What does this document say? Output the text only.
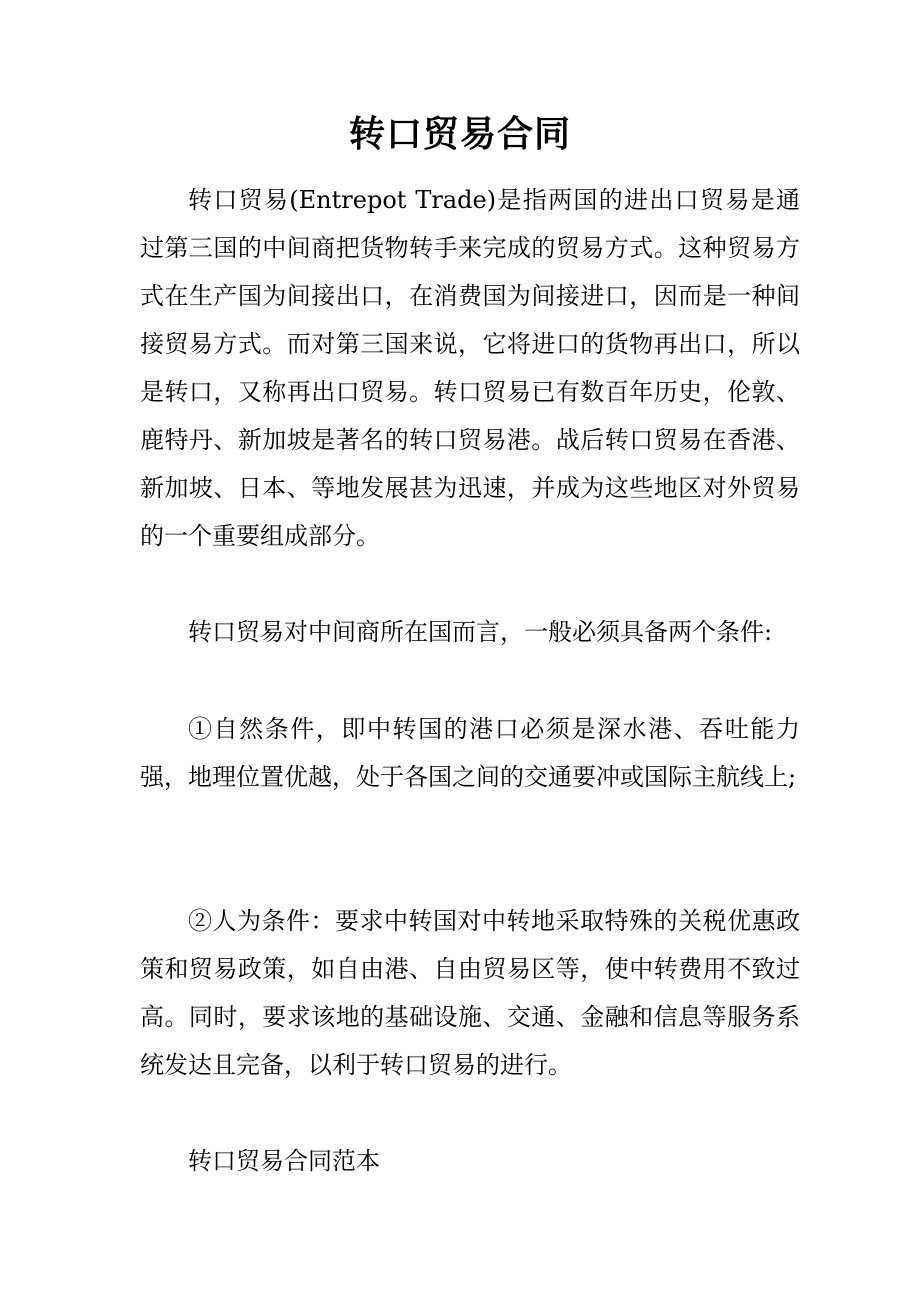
转口贸易合同

转口贸易(Entrepot Trade)是指两国的进出口贸易是通过第三国的中间商把货物转手来完成的贸易方式。这种贸易方式在生产国为间接出口，在消费国为间接进口，因而是一种间接贸易方式。而对第三国来说，它将进口的货物再出口，所以是转口，又称再出口贸易。转口贸易已有数百年历史，伦敦、鹿特丹、新加坡是著名的转口贸易港。战后转口贸易在香港、新加坡、日本、等地发展甚为迅速，并成为这些地区对外贸易的一个重要组成部分。

转口贸易对中间商所在国而言，一般必须具备两个条件:

①自然条件，即中转国的港口必须是深水港、吞吐能力强，地理位置优越，处于各国之间的交通要冲或国际主航线上;

②人为条件：要求中转国对中转地采取特殊的关税优惠政策和贸易政策，如自由港、自由贸易区等，使中转费用不致过高。同时，要求该地的基础设施、交通、金融和信息等服务系统发达且完备，以利于转口贸易的进行。

转口贸易合同范本
